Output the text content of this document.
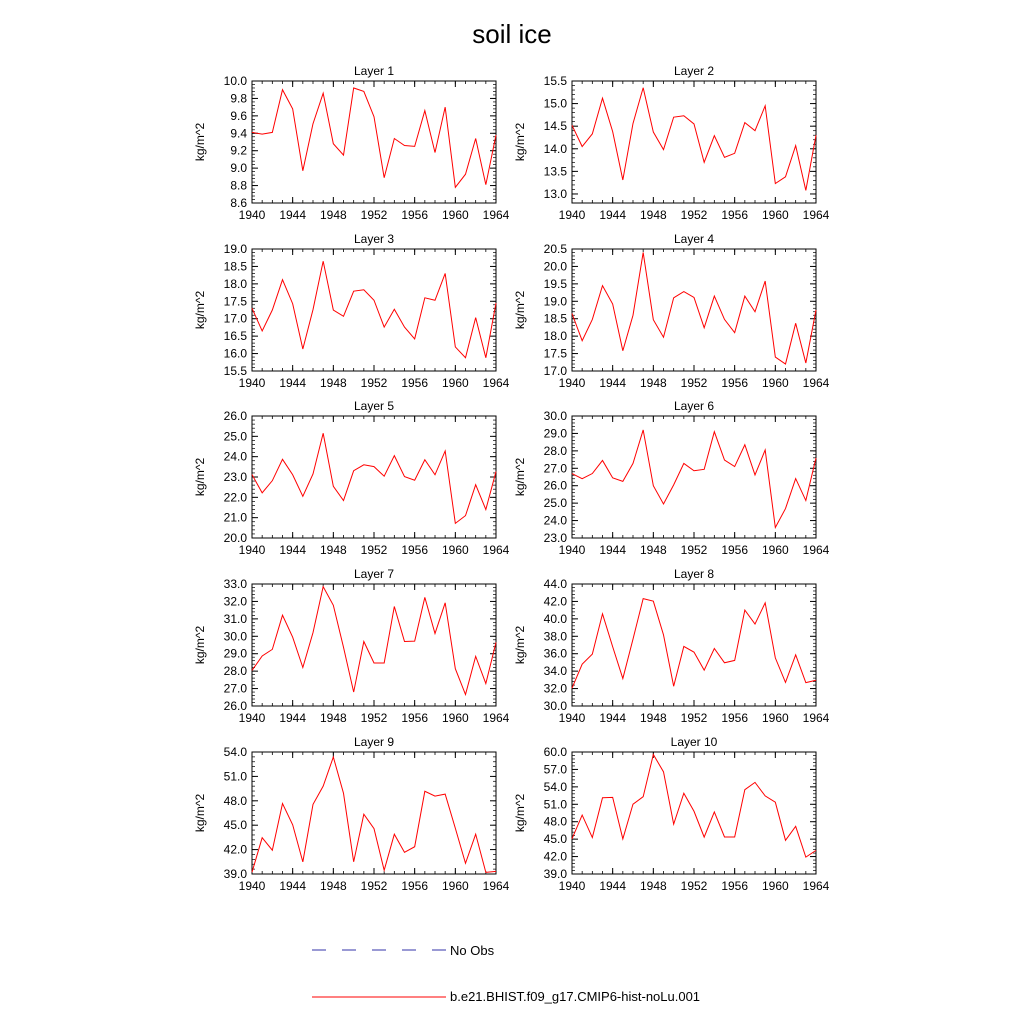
soil ice
Layer 1
kg/m^2
1940 1944 1948 1952 1956 1960 1964
8.6
8.8
9.0
9.2
9.4
9.6
9.8
10.0
Layer 2
kg/m^2
1940 1944 1948 1952 1956 1960 1964
13.0
13.5
14.0
14.5
15.0
15.5
Layer 3
kg/m^2
1940 1944 1948 1952 1956 1960 1964
15.5
16.0
16.5
17.0
17.5
18.0
18.5
19.0
Layer 4
kg/m^2
1940 1944 1948 1952 1956 1960 1964
17.0
17.5
18.0
18.5
19.0
19.5
20.0
20.5
Layer 5
kg/m^2
1940 1944 1948 1952 1956 1960 1964
20.0
21.0
22.0
23.0
24.0
25.0
26.0
Layer 6
kg/m^2
1940 1944 1948 1952 1956 1960 1964
23.0
24.0
25.0
26.0
27.0
28.0
29.0
30.0
Layer 7
kg/m^2
1940 1944 1948 1952 1956 1960 1964
26.0
27.0
28.0
29.0
30.0
31.0
32.0
33.0
Layer 8
kg/m^2
1940 1944 1948 1952 1956 1960 1964
30.0
32.0
34.0
36.0
38.0
40.0
42.0
44.0
Layer 9
kg/m^2
1940 1944 1948 1952 1956 1960 1964
39.0
42.0
45.0
48.0
51.0
54.0
Layer 10
kg/m^2
1940 1944 1948 1952 1956 1960 1964
39.0
42.0
45.0
48.0
51.0
54.0
57.0
60.0
No Obs
b.e21.BHIST.f09_g17.CMIP6-hist-noLu.001
